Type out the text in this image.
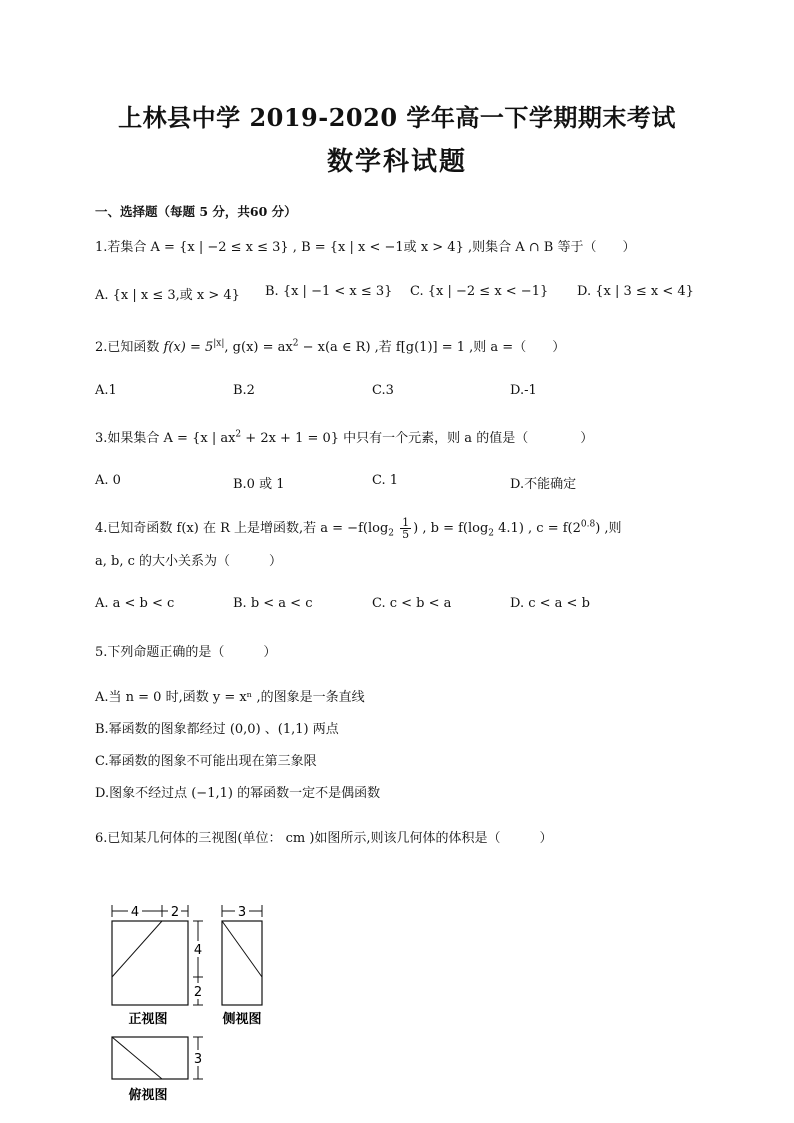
上林县中学 2019-2020 学年高一下学期期末考试
数学科试题
一、选择题（每题 5 分，共60 分）
1.若集合 A = {x | −2 ≤ x ≤ 3} , B = {x | x < −1或 x > 4} ,则集合 A ∩ B 等于（　　）
A. {x | x ≤ 3,或 x > 4} B. {x | −1 < x ≤ 3} C. {x | −2 ≤ x < −1} D. {x | 3 ≤ x < 4}
2.已知函数 $f(x) = 5^{|x|}$, $g(x) = ax^2 - x(a$ ∈ R) ,若 f[g(1)] = 1 ,则 a =（　　）
A.1	B.2	C.3	D.-1
3.如果集合 A = {x | $ax^2 + 2x + 1 = 0$} 中只有一个元素，则 a 的值是（　　　　）
A. 0	B.0 或 1	C. 1	D.不能确定
4.已知奇函数 f(x) 在 R 上是增函数,若 $a = -f(\log_2 \frac{1}{5}$ ) , $b = f(\log_2$ 4.1) , $c = f(2^{0.8})$ ,则
a, b, c 的大小关系为（　　　）
A. a < b < c	B. b < a < c	C. c < b < a	D. c < a < b
5.下列命题正确的是（　　　）
A.当 n = 0 时,函数 y = xⁿ ,的图象是一条直线
B.幂函数的图象都经过 (0,0) 、(1,1) 两点
C.幂函数的图象不可能出现在第三象限
D.图象不经过点 (−1,1) 的幂函数一定不是偶函数
6.已知某几何体的三视图(单位： cm )如图所示,则该几何体的体积是（　　　）
4 2
4
2
3
正视图	侧视图
3
俯视图
